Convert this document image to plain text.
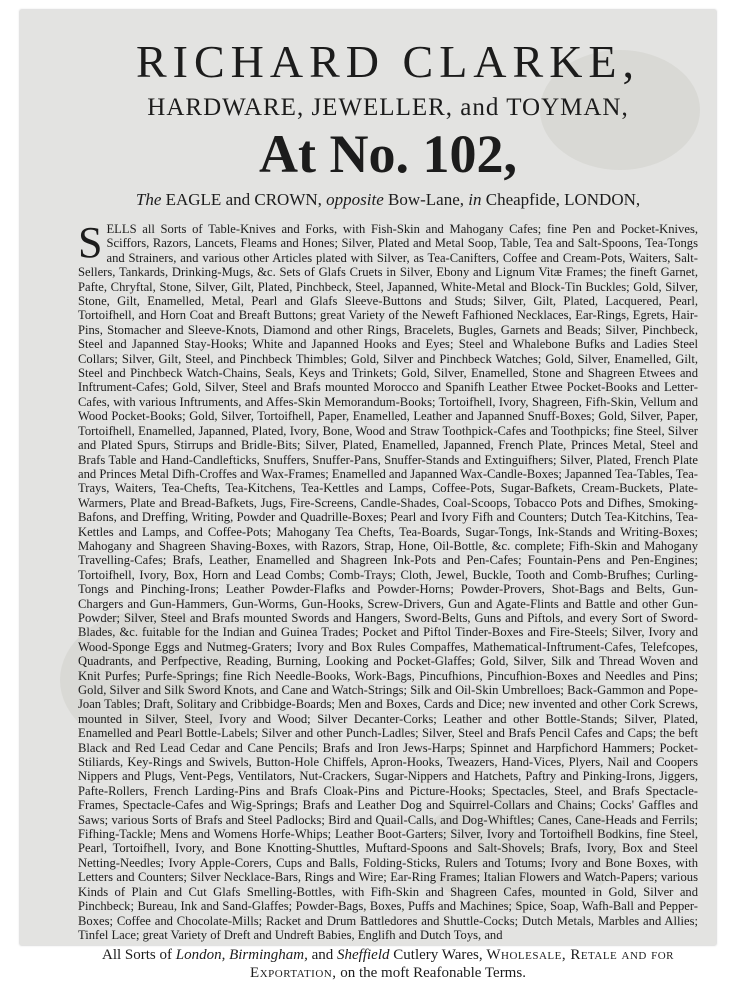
RICHARD CLARKE,
HARDWARE, JEWELLER, and TOYMAN,
At No. 102,
The EAGLE and CROWN, opposite Bow-Lane, in Cheapfide, LONDON,
S ELLS all Sorts of Table-Knives and Forks, with Fish-Skin and Mahogany Cafes; fine Pen and Pocket-Knives, Sciffors, Razors, Lancets, Fleams and Hones; Silver, Plated and Metal Soop, Table, Tea and Salt-Spoons, Tea-Tongs and Strainers, and various other Articles plated with Silver, as Tea-Canifters, Coffee and Cream-Pots, Waiters, Salt-Sellers, Tankards, Drinking-Mugs, &c. Sets of Glafs Cruets in Silver, Ebony and Lignum Vitæ Frames; the fineft Garnet, Pafte, Chryftal, Stone, Silver, Gilt, Plated, Pinchbeck, Steel, Japanned, White-Metal and Block-Tin Buckles; Gold, Silver, Stone, Gilt, Enamelled, Metal, Pearl and Glafs Sleeve-Buttons and Studs; Silver, Gilt, Plated, Lacquered, Pearl, Tortoifhell, and Horn Coat and Breaft Buttons; great Variety of the Neweft Fafhioned Necklaces, Ear-Rings, Egrets, Hair-Pins, Stomacher and Sleeve-Knots, Diamond and other Rings, Bracelets, Bugles, Garnets and Beads; Silver, Pinchbeck, Steel and Japanned Stay-Hooks; White and Japanned Hooks and Eyes; Steel and Whalebone Bufks and Ladies Steel Collars; Silver, Gilt, Steel, and Pinchbeck Thimbles; Gold, Silver and Pinchbeck Watches; Gold, Silver, Enamelled, Gilt, Steel and Pinchbeck Watch-Chains, Seals, Keys and Trinkets; Gold, Silver, Enamelled, Stone and Shagreen Etwees and Inftrument-Cafes; Gold, Silver, Steel and Brafs mounted Morocco and Spanifh Leather Etwee Pocket-Books and Letter-Cafes, with various Inftruments, and Affes-Skin Memorandum-Books; Tortoifhell, Ivory, Shagreen, Fifh-Skin, Vellum and Wood Pocket-Books; Gold, Silver, Tortoifhell, Paper, Enamelled, Leather and Japanned Snuff-Boxes; Gold, Silver, Paper, Tortoifhell, Enamelled, Japanned, Plated, Ivory, Bone, Wood and Straw Toothpick-Cafes and Toothpicks; fine Steel, Silver and Plated Spurs, Stirrups and Bridle-Bits; Silver, Plated, Enamelled, Japanned, French Plate, Princes Metal, Steel and Brafs Table and Hand-Candlefticks, Snuffers, Snuffer-Pans, Snuffer-Stands and Extinguifhers; Silver, Plated, French Plate and Princes Metal Difh-Croffes and Wax-Frames; Enamelled and Japanned Wax-Candle-Boxes; Japanned Tea-Tables, Tea-Trays, Waiters, Tea-Chefts, Tea-Kitchens, Tea-Kettles and Lamps, Coffee-Pots, Sugar-Bafkets, Cream-Buckets, Plate-Warmers, Plate and Bread-Bafkets, Jugs, Fire-Screens, Candle-Shades, Coal-Scoops, Tobacco Pots and Difhes, Smoking-Bafons, and Dreffing, Writing, Powder and Quadrille-Boxes; Pearl and Ivory Fifh and Counters; Dutch Tea-Kitchins, Tea-Kettles and Lamps, and Coffee-Pots; Mahogany Tea Chefts, Tea-Boards, Sugar-Tongs, Ink-Stands and Writing-Boxes; Mahogany and Shagreen Shaving-Boxes, with Razors, Strap, Hone, Oil-Bottle, &c. complete; Fifh-Skin and Mahogany Travelling-Cafes; Brafs, Leather, Enamelled and Shagreen Ink-Pots and Pen-Cafes; Fountain-Pens and Pen-Engines; Tortoifhell, Ivory, Box, Horn and Lead Combs; Comb-Trays; Cloth, Jewel, Buckle, Tooth and Comb-Brufhes; Curling-Tongs and Pinching-Irons; Leather Powder-Flafks and Powder-Horns; Powder-Provers, Shot-Bags and Belts, Gun-Chargers and Gun-Hammers, Gun-Worms, Gun-Hooks, Screw-Drivers, Gun and Agate-Flints and Battle and other Gun-Powder; Silver, Steel and Brafs mounted Swords and Hangers, Sword-Belts, Guns and Piftols, and every Sort of Sword-Blades, &c. fuitable for the Indian and Guinea Trades; Pocket and Piftol Tinder-Boxes and Fire-Steels; Silver, Ivory and Wood-Sponge Eggs and Nutmeg-Graters; Ivory and Box Rules Compaffes, Mathematical-Inftrument-Cafes, Telefcopes, Quadrants, and Perfpective, Reading, Burning, Looking and Pocket-Glaffes; Gold, Silver, Silk and Thread Woven and Knit Purfes; Purfe-Springs; fine Rich Needle-Books, Work-Bags, Pincufhions, Pincufhion-Boxes and Needles and Pins; Gold, Silver and Silk Sword Knots, and Cane and Watch-Strings; Silk and Oil-Skin Umbrelloes; Back-Gammon and Pope-Joan Tables; Draft, Solitary and Cribbidge-Boards; Men and Boxes, Cards and Dice; new invented and other Cork Screws, mounted in Silver, Steel, Ivory and Wood; Silver Decanter-Corks; Leather and other Bottle-Stands; Silver, Plated, Enamelled and Pearl Bottle-Labels; Silver and other Punch-Ladles; Silver, Steel and Brafs Pencil Cafes and Caps; the beft Black and Red Lead Cedar and Cane Pencils; Brafs and Iron Jews-Harps; Spinnet and Harpfichord Hammers; Pocket-Stiliards, Key-Rings and Swivels, Button-Hole Chiffels, Apron-Hooks, Tweazers, Hand-Vices, Plyers, Nail and Coopers Nippers and Plugs, Vent-Pegs, Ventilators, Nut-Crackers, Sugar-Nippers and Hatchets, Paftry and Pinking-Irons, Jiggers, Pafte-Rollers, French Larding-Pins and Brafs Cloak-Pins and Picture-Hooks; Spectacles, Steel, and Brafs Spectacle-Frames, Spectacle-Cafes and Wig-Springs; Brafs and Leather Dog and Squirrel-Collars and Chains; Cocks' Gaffles and Saws; various Sorts of Brafs and Steel Padlocks; Bird and Quail-Calls, and Dog-Whiftles; Canes, Cane-Heads and Ferrils; Fifhing-Tackle; Mens and Womens Horfe-Whips; Leather Boot-Garters; Silver, Ivory and Tortoifhell Bodkins, fine Steel, Pearl, Tortoifhell, Ivory, and Bone Knotting-Shuttles, Muftard-Spoons and Salt-Shovels; Brafs, Ivory, Box and Steel Netting-Needles; Ivory Apple-Corers, Cups and Balls, Folding-Sticks, Rulers and Totums; Ivory and Bone Boxes, with Letters and Counters; Silver Necklace-Bars, Rings and Wire; Ear-Ring Frames; Italian Flowers and Watch-Papers; various Kinds of Plain and Cut Glafs Smelling-Bottles, with Fifh-Skin and Shagreen Cafes, mounted in Gold, Silver and Pinchbeck; Bureau, Ink and Sand-Glaffes; Powder-Bags, Boxes, Puffs and Machines; Spice, Soap, Wafh-Ball and Pepper-Boxes; Coffee and Chocolate-Mills; Racket and Drum Battledores and Shuttle-Cocks; Dutch Metals, Marbles and Allies; Tinfel Lace; great Variety of Dreft and Undreft Babies, Englifh and Dutch Toys, and
All Sorts of London, Birmingham, and Sheffield Cutlery Wares, Wholesale, Retale and for
Exportation, on the moft Reafonable Terms.
